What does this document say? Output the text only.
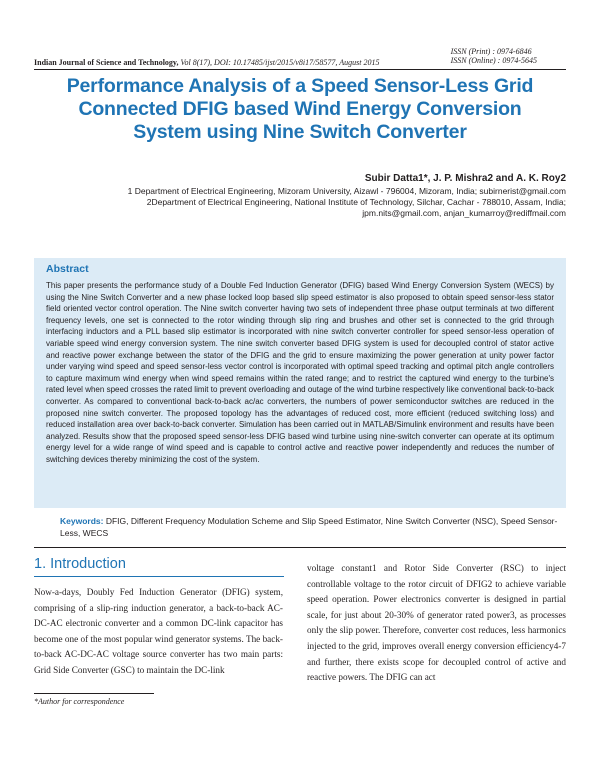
ISSN (Print) : 0974-6846
ISSN (Online) : 0974-5645
Indian Journal of Science and Technology, Vol 8(17), DOI: 10.17485/ijst/2015/v8i17/58577, August 2015
Performance Analysis of a Speed Sensor-Less Grid
Connected DFIG based Wind Energy Conversion
System using Nine Switch Converter
Subir Datta1*, J. P. Mishra2 and A. K. Roy2
1 Department of Electrical Engineering, Mizoram University, Aizawl - 796004, Mizoram, India; subirnerist@gmail.com
2Department of Electrical Engineering, National Institute of Technology, Silchar, Cachar - 788010, Assam, India;
jpm.nits@gmail.com, anjan_kumarroy@rediffmail.com
Abstract
This paper presents the performance study of a Double Fed Induction Generator (DFIG) based Wind Energy Conversion System (WECS) by using the Nine Switch Converter and a new phase locked loop based slip speed estimator is also proposed to obtain speed sensor-less stator field oriented vector control operation. The Nine switch converter having two sets of independent three phase output terminals at two different frequency levels, one set is connected to the rotor winding through slip ring and brushes and other set is connected to the grid through interfacing inductors and a PLL based slip estimator is incorporated with nine switch converter controller for speed sensor-less operation of variable speed wind energy conversion system. The nine switch converter based DFIG system is used for decoupled control of stator active and reactive power exchange between the stator of the DFIG and the grid to ensure maximizing the power generation at unity power factor under varying wind speed and speed sensor-less vector control is incorporated with optimal speed tracking and optimal pitch angle controllers to capture maximum wind energy when wind speed remains within the rated range; and to restrict the captured wind energy to the turbine's rated level when speed crosses the rated limit to prevent overloading and outage of the wind turbine respectively like conventional back-to-back converter. As compared to conventional back-to-back ac/ac converters, the numbers of power semiconductor switches are reduced in the proposed nine switch converter. The proposed topology has the advantages of reduced cost, more efficient (reduced switching loss) and reduced installation area over back-to-back converter. Simulation has been carried out in MATLAB/Simulink environment and results have been analyzed. Results show that the proposed speed sensor-less DFIG based wind turbine using nine-switch converter can operate at its optimum energy level for a wide range of wind speed and is capable to control active and reactive power independently and reduces the number of switching devices thereby minimizing the cost of the system.
Keywords: DFIG, Different Frequency Modulation Scheme and Slip Speed Estimator, Nine Switch Converter (NSC), Speed Sensor-Less, WECS
1. Introduction
Now-a-days, Doubly Fed Induction Generator (DFIG) system, comprising of a slip-ring induction generator, a back-to-back AC-DC-AC electronic converter and a common DC-link capacitor has become one of the most popular wind generator systems. The back-to-back AC-DC-AC voltage source converter has two main parts: Grid Side Converter (GSC) to maintain the DC-link
voltage constant1 and Rotor Side Converter (RSC) to inject controllable voltage to the rotor circuit of DFIG2 to achieve variable speed operation. Power electronics converter is designed in partial scale, for just about 20-30% of generator rated power3, as processes only the slip power. Therefore, converter cost reduces, less harmonics injected to the grid, improves overall energy conversion efficiency4-7 and further, there exists scope for decoupled control of active and reactive powers. The DFIG can act
*Author for correspondence
